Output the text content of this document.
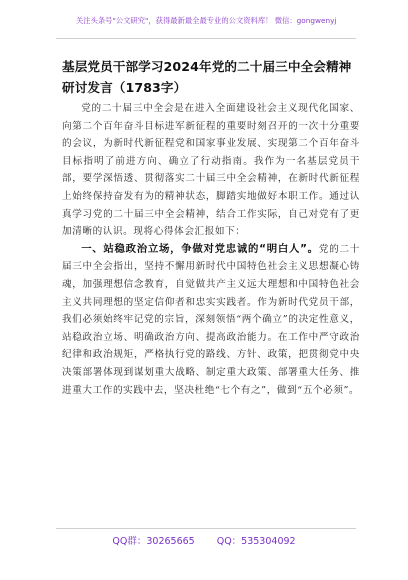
关注头条号"公文研究"，获得最新最全最专业的公文资料库！ 微信：gongwenyj
基层党员干部学习2024年党的二十届三中全会精神研讨发言（1783字）

党的二十届三中全会是在进入全面建设社会主义现代化国家、向第二个百年奋斗目标进军新征程的重要时刻召开的一次十分重要的会议，为新时代新征程党和国家事业发展、实现第二个百年奋斗目标指明了前进方向、确立了行动指南。我作为一名基层党员干部，要学深悟透、贯彻落实二十届三中全会精神，在新时代新征程上始终保持奋发有为的精神状态，脚踏实地做好本职工作。通过认真学习党的二十届三中全会精神，结合工作实际，自己对党有了更加清晰的认识。现将心得体会汇报如下：

一、站稳政治立场，争做对党忠诚的“明白人”。党的二十届三中全会指出，坚持不懈用新时代中国特色社会主义思想凝心铸魂，加强理想信念教育，自觉做共产主义远大理想和中国特色社会主义共同理想的坚定信仰者和忠实实践者。作为新时代党员干部，我们必须始终牢记党的宗旨，深刻领悟“两个确立”的决定性意义，站稳政治立场、明确政治方向、提高政治能力。在工作中严守政治纪律和政治规矩，严格执行党的路线、方针、政策，把贯彻党中央决策部署体现到谋划重大战略、制定重大政策、部署重大任务、推进重大工作的实践中去，坚决杜绝“七个有之”，做到“五个必须”。

QQ群：30265665 QQ：535304092
